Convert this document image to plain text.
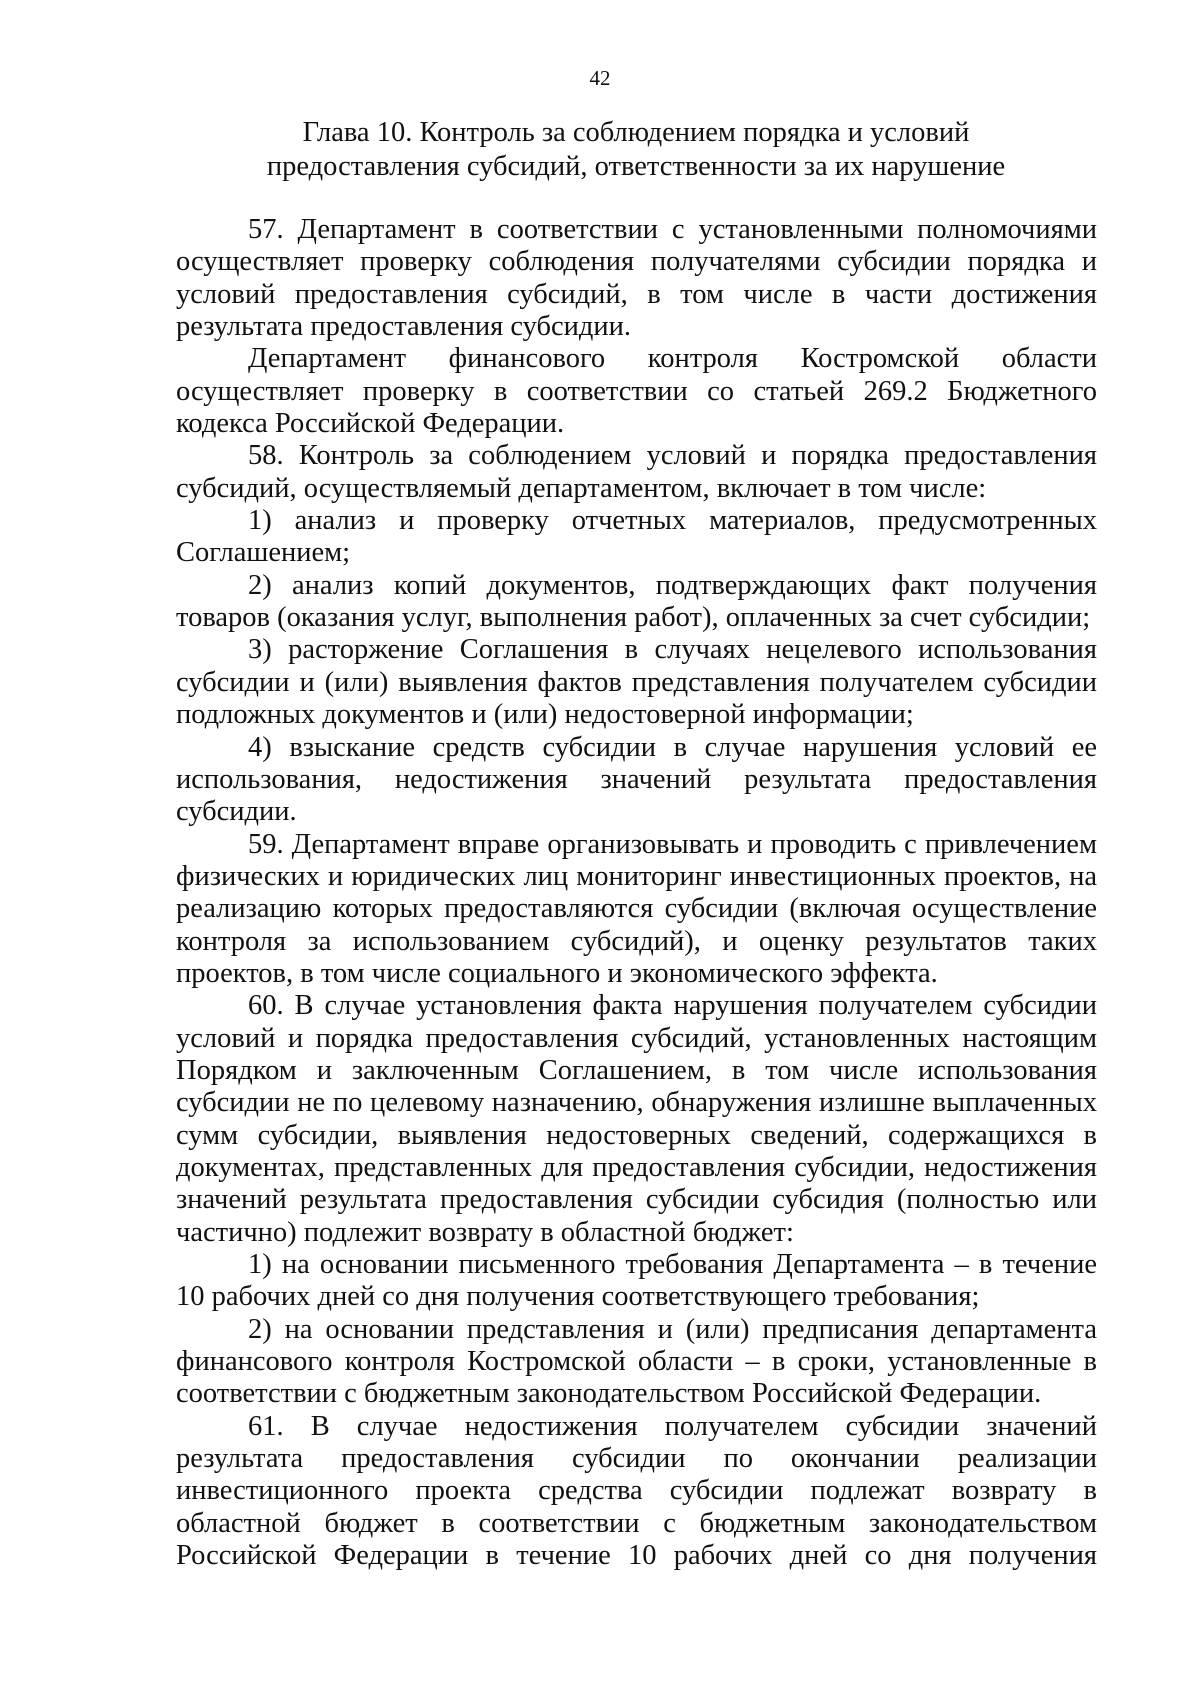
42
Глава 10. Контроль за соблюдением порядка и условий
предоставления субсидий, ответственности за их нарушение

57. Департамент в соответствии с установленными полномочиями осуществляет проверку соблюдения получателями субсидии порядка и условий предоставления субсидий, в том числе в части достижения результата предоставления субсидии.

Департамент финансового контроля Костромской области осуществляет проверку в соответствии со статьей 269.2 Бюджетного кодекса Российской Федерации.

58. Контроль за соблюдением условий и порядка предоставления субсидий, осуществляемый департаментом, включает в том числе:

1) анализ и проверку отчетных материалов, предусмотренных Соглашением;

2) анализ копий документов, подтверждающих факт получения товаров (оказания услуг, выполнения работ), оплаченных за счет субсидии;

3) расторжение Соглашения в случаях нецелевого использования субсидии и (или) выявления фактов представления получателем субсидии подложных документов и (или) недостоверной информации;

4) взыскание средств субсидии в случае нарушения условий ее использования, недостижения значений результата предоставления субсидии.

59. Департамент вправе организовывать и проводить с привлечением физических и юридических лиц мониторинг инвестиционных проектов, на реализацию которых предоставляются субсидии (включая осуществление контроля за использованием субсидий), и оценку результатов таких проектов, в том числе социального и экономического эффекта.

60. В случае установления факта нарушения получателем субсидии условий и порядка предоставления субсидий, установленных настоящим Порядком и заключенным Соглашением, в том числе использования субсидии не по целевому назначению, обнаружения излишне выплаченных сумм субсидии, выявления недостоверных сведений, содержащихся в документах, представленных для предоставления субсидии, недостижения значений результата предоставления субсидии субсидия (полностью или частично) подлежит возврату в областной бюджет:

1) на основании письменного требования Департамента – в течение 10 рабочих дней со дня получения соответствующего требования;

2) на основании представления и (или) предписания департамента финансового контроля Костромской области – в сроки, установленные в соответствии с бюджетным законодательством Российской Федерации.

61. В случае недостижения получателем субсидии значений результата предоставления субсидии по окончании реализации инвестиционного проекта средства субсидии подлежат возврату в областной бюджет в соответствии с бюджетным законодательством Российской Федерации в течение 10 рабочих дней со дня получения
